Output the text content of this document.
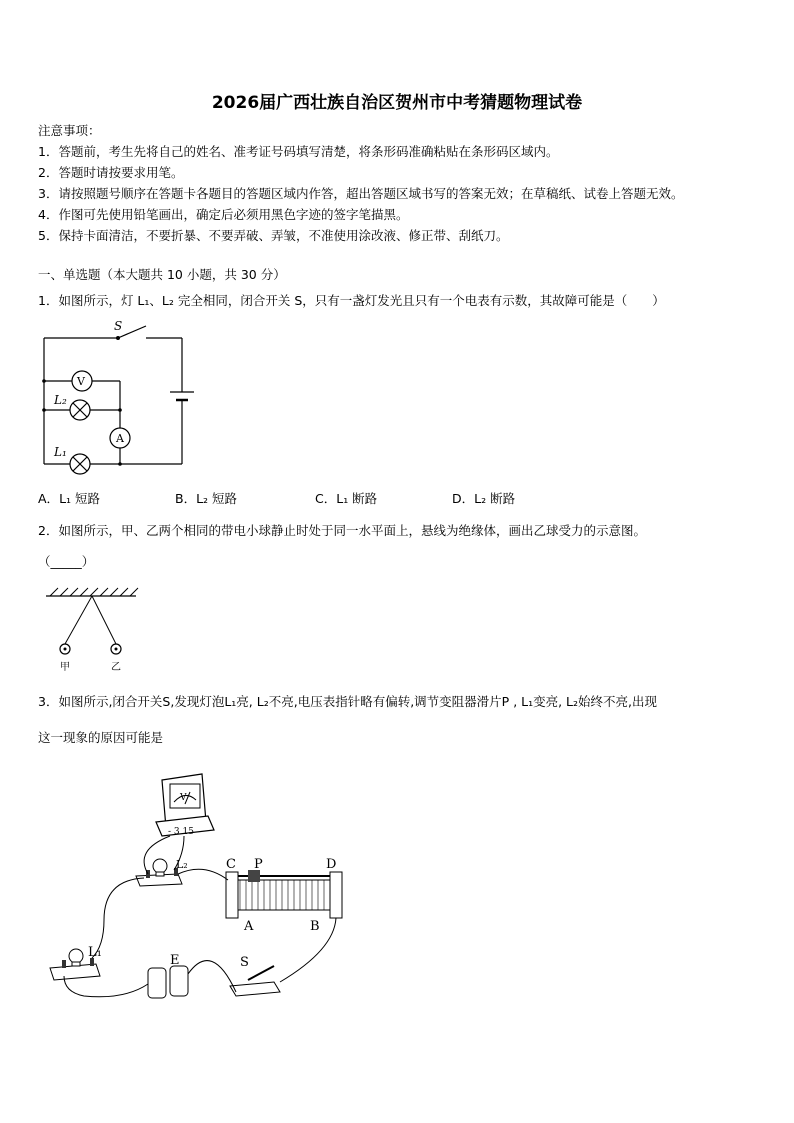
2026届广西壮族自治区贺州市中考猜题物理试卷
注意事项：
1．答题前，考生先将自己的姓名、准考证号码填写清楚，将条形码准确粘贴在条形码区域内。
2．答题时请按要求用笔。
3．请按照题号顺序在答题卡各题目的答题区域内作答，超出答题区域书写的答案无效；在草稿纸、试卷上答题无效。
4．作图可先使用铅笔画出，确定后必须用黑色字迹的签字笔描黑。
5．保持卡面清洁，不要折暴、不要弄破、弄皱，不准使用涂改液、修正带、刮纸刀。
一、单选题（本大题共 10 小题，共 30 分）
1．如图所示，灯 L₁、L₂ 完全相同，闭合开关 S，只有一盏灯发光且只有一个电表有示数，其故障可能是（　　）
S
V
A
L₂
L₁
A．L₁ 短路	B．L₂ 短路	C．L₁ 断路	D．L₂ 断路
2．如图所示，甲、乙两个相同的带电小球静止时处于同一水平面上，悬线为绝缘体，画出乙球受力的示意图。
（_____）
甲	乙
3．如图所示,闭合开关S,发现灯泡L₁亮, L₂不亮,电压表指针略有偏转,调节变阻器滑片P , L₁变亮, L₂始终不亮,出现
这一现象的原因可能是
V
- 3 15
L₂	C P	D
A	B
L₁
E	S
